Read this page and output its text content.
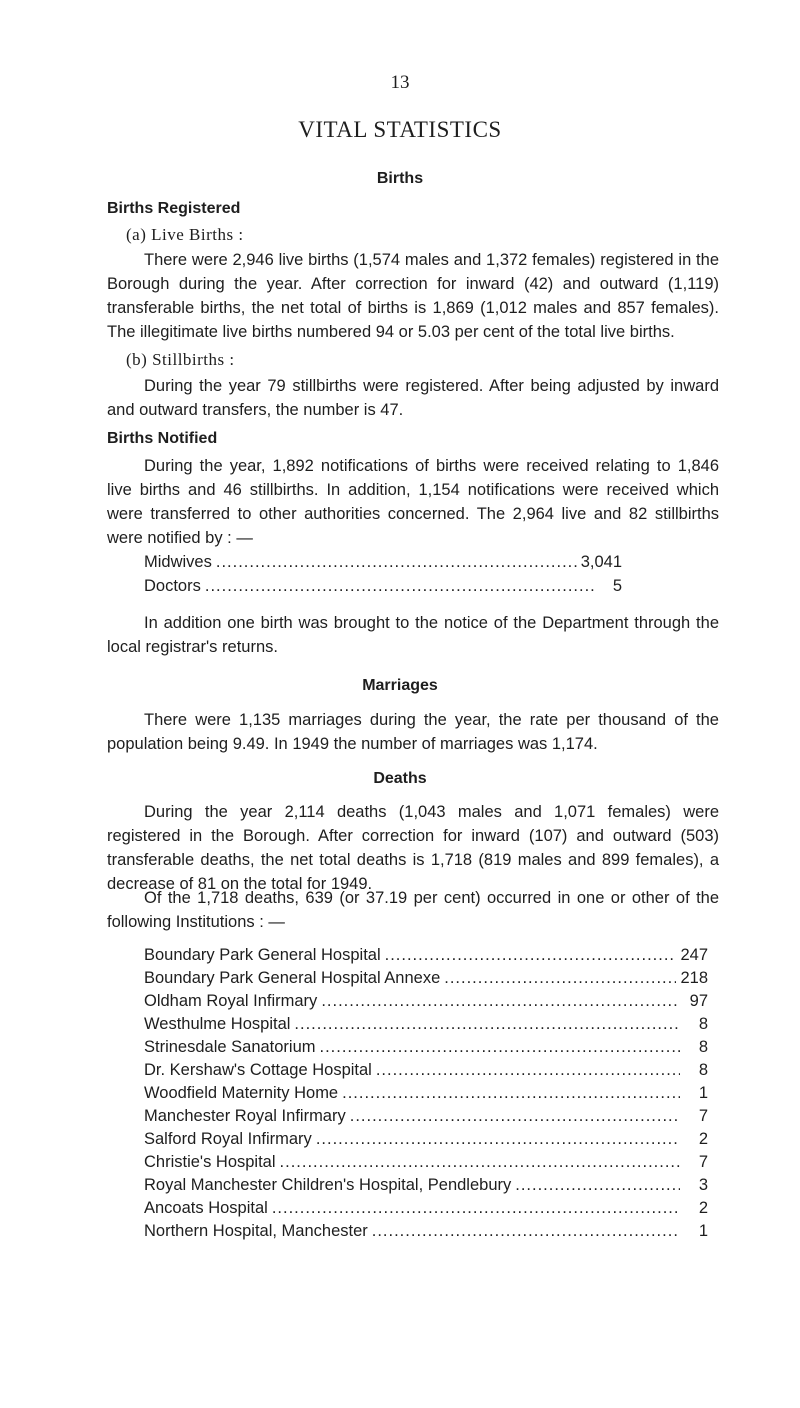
13
VITAL STATISTICS
Births
Births Registered
(a) Live Births :

There were 2,946 live births (1,574 males and 1,372 females) registered in the Borough during the year. After correction for inward (42) and outward (1,119) transferable births, the net total of births is 1,869 (1,012 males and 857 females). The illegitimate live births numbered 94 or 5.03 per cent of the total live births.

(b) Stillbirths :

During the year 79 stillbirths were registered. After being adjusted by inward and outward transfers, the number is 47.

Births Notified

During the year, 1,892 notifications of births were received relating to 1,846 live births and 46 stillbirths. In addition, 1,154 notifications were received which were transferred to other authorities concerned. The 2,964 live and 82 stillbirths were notified by : —

Midwives .....	3,041
Doctors .....	5

In addition one birth was brought to the notice of the Department through the local registrar's returns.

Marriages

There were 1,135 marriages during the year, the rate per thousand of the population being 9.49. In 1949 the number of marriages was 1,174.

Deaths

During the year 2,114 deaths (1,043 males and 1,071 females) were registered in the Borough. After correction for inward (107) and outward (503) transferable deaths, the net total deaths is 1,718 (819 males and 899 females), a decrease of 81 on the total for 1949.

Of the 1,718 deaths, 639 (or 37.19 per cent) occurred in one or other of the following Institutions : —

Boundary Park General Hospital .....	247
Boundary Park General Hospital Annexe .....	218
Oldham Royal Infirmary .....	97
Westhulme Hospital .....	8
Strinesdale Sanatorium .....	8
Dr. Kershaw's Cottage Hospital .....	8
Woodfield Maternity Home .....	1
Manchester Royal Infirmary .....	7
Salford Royal Infirmary .....	2
Christie's Hospital .....	7
Royal Manchester Children's Hospital, Pendlebury .....	3
Ancoats Hospital .....	2
Northern Hospital, Manchester .....	1
